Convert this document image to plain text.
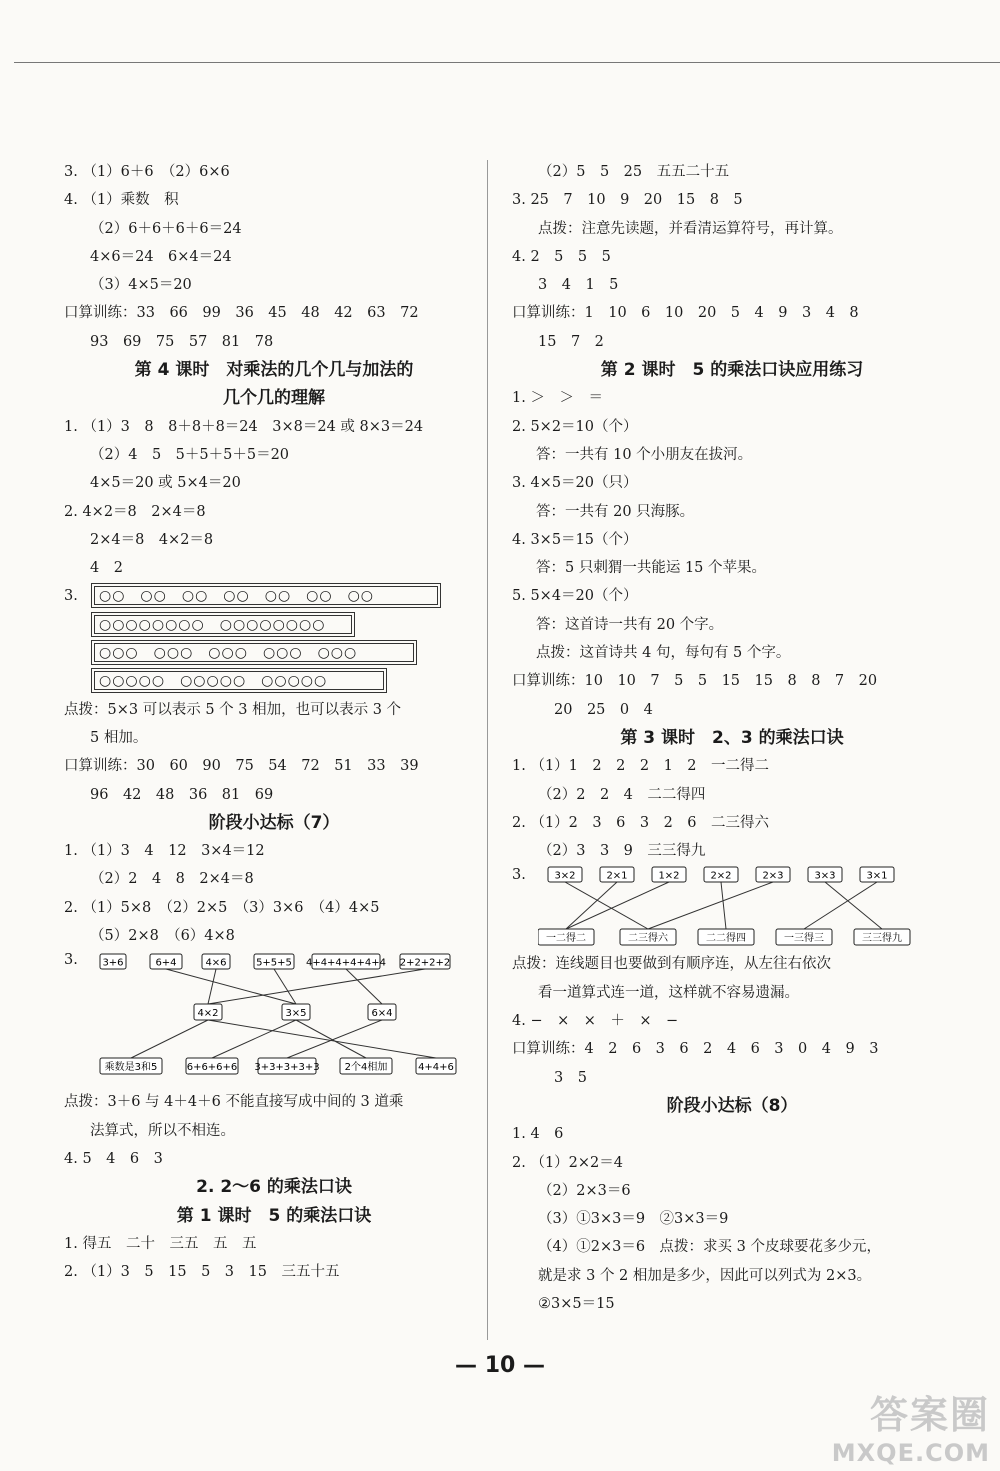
3. （1）6＋6　（2）6×6
4. （1）乘数　积
（2）6＋6＋6＋6＝24
4×6＝24　6×4＝24
（3）4×5＝20
口算训练：33　66　99　36　45　48　42　63　72
93　69　75　57　81　78
第 4 课时　对乘法的几个几与加法的
几个几的理解
1. （1）3　8　8＋8＋8＝24　3×8＝24 或 8×3＝24
（2）4　5　5＋5＋5＋5＝20
4×5＝20 或 5×4＝20
2. 4×2＝8　2×4＝8
2×4＝8　4×2＝8
4　2
3.	○○　○○　○○　○○　○○　○○　○○
○○○○○○○○　○○○○○○○○
○○○　○○○　○○○　○○○　○○○
○○○○○　○○○○○　○○○○○
点拨：5×3 可以表示 5 个 3 相加，也可以表示 3 个
5 相加。
口算训练：30　60　90　75　54　72　51　33　39
96　42　48　36　81　69
阶段小达标（7）
1. （1）3　4　12　3×4＝12
（2）2　4　8　2×4＝8
2. （1）5×8　（2）2×5　（3）3×6　（4）4×5
（5）2×8　（6）4×8
3. 3+6	6+4	4×6	5+5+5 4+4+4+4+4+4 2+2+2+2
4×2	3×5	6×4
乘数是3和5	6+6+6+6 3+3+3+3+3 2个4相加	4+4+6
点拨：3＋6 与 4＋4＋6 不能直接写成中间的 3 道乘
法算式，所以不相连。
4. 5　4　6　3
2. 2～6 的乘法口诀
第 1 课时　5 的乘法口诀
1. 得五　二十　三五　五　五
2. （1）3　5　15　5　3　15　三五十五
（2）5　5　25　五五二十五
3. 25　7　10　9　20　15　8　5
点拨：注意先读题，并看清运算符号，再计算。
4. 2　5　5　5
3　4　1　5
口算训练：1　10　6　10　20　5　4　9　3　4　8
15　7　2
第 2 课时　5 的乘法口诀应用练习
1. ＞　＞　＝
2. 5×2＝10（个）
答：一共有 10 个小朋友在拔河。
3. 4×5＝20（只）
答：一共有 20 只海豚。
4. 3×5＝15（个）
答：5 只刺猬一共能运 15 个苹果。
5. 5×4＝20（个）
答：这首诗一共有 20 个字。
点拨：这首诗共 4 句，每句有 5 个字。
口算训练：10　10　7　5　5　15　15　8　8　7　20
20　25　0　4
第 3 课时　2、3 的乘法口诀
1. （1）1　2　2　2　1　2　一二得二
（2）2　2　4　二二得四
2. （1）2　3　6　3　2　6　二三得六
（2）3　3　9　三三得九
3.	3×2	2×1	1×2	2×2	2×3	3×3	3×1
一二得二	二三得六	二二得四	一三得三	三三得九
点拨：连线题目也要做到有顺序连，从左往右依次
看一道算式连一道，这样就不容易遗漏。
4. −　×　×　＋　×　−
口算训练：4　2　6　3　6　2　4　6　3　0　4　9　3
3　5
阶段小达标（8）
1. 4　6
2. （1）2×2＝4
（2）2×3＝6
（3）①3×3＝9　②3×3＝9
（4）①2×3＝6　点拨：求买 3 个皮球要花多少元，
就是求 3 个 2 相加是多少，因此可以列式为 2×3。
②3×5＝15
— 10 —
答案圈
MXQE.COM
